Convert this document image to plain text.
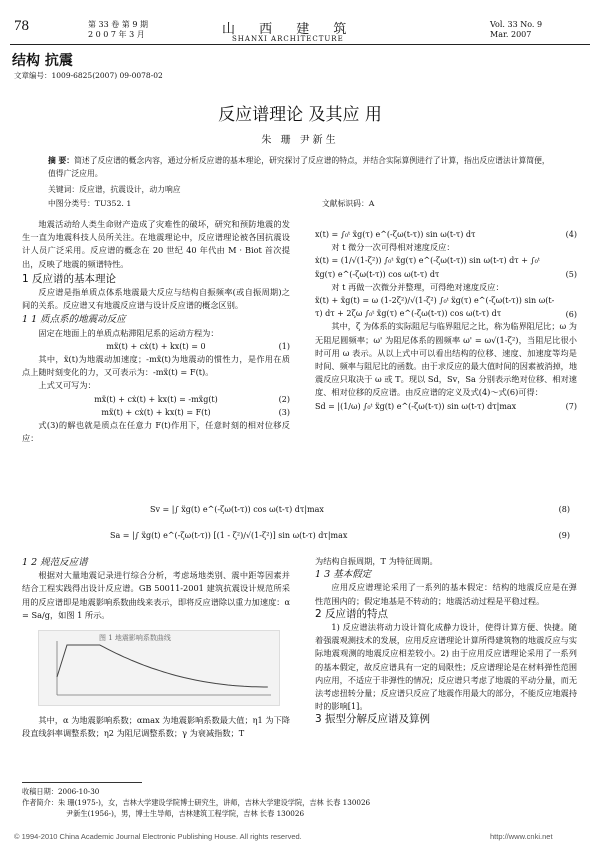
78	第 33 卷 第 9 期
2 0 0 7 年 3 月	山 西 建 筑
SHANXI ARCHITECTURE
Vol. 33 No. 9
Mar. 2007
结构 抗震
文章编号：1009-6825(2007) 09-0078-02
反应谱理论 及其应 用
朱 珊 尹新生
摘 要：简述了反应谱的概念内容，通过分析反应谱的基本理论，研究探讨了反应谱的特点，并结合实际算例进行了计算，指出反应谱法计算简便，值得广泛应用。
关键词：反应谱，抗震设计，动力响应
中图分类号：TU352. 1	文献标识码：A

地震活动给人类生命财产造成了灾难性的破坏，研究和预防地震的发生一直为地震科技人员所关注。在地震理论中，反应谱理论被各国抗震设计人员广泛采用。反应谱的概念在 20 世纪 40 年代由 M · Biot 首次提出，反映了地震的频谱特性。

1 反应谱的基本理论

反应谱是指单质点体系地震最大反应与结构自振频率(或自振周期)之间的关系。反应谱又有地震反应谱与设计反应谱的概念区别。

1 1 质点系的地震动反应

固定在地面上的单质点粘滞阻尼系的运动方程为：

mẍ(t) + cẋ(t) + kx(t) = 0	(1)

其中，ẍ(t)为地震动加速度；-mẍ(t)为地震动的惯性力，是作用在质点上随时刻变化的力，又可表示为：-mẍ(t) = F(t)。

上式又可写为：

mẍ(t) + cẋ(t) + kx(t) = -mẍg(t)	(2)
mẍ(t) + cẋ(t) + kx(t) = F(t)	(3)

式(3)的解也就是质点在任意力 F(t)作用下，任意时刻的相对位移反应：

Sv = |∫ ẍg(t) e^(-ζω(t-τ)) cos ω(t-τ) dτ|max	(8)
Sa = |∫ ẍg(t) e^(-ζω(t-τ)) [(1 - ζ²)/√(1-ζ²)] sin ω(t-τ) dτ|max	(9)
1 2 规范反应谱

根据对大量地震记录进行综合分析，考虑场地类别、震中距等因素并结合工程实践得出设计反应谱。GB 50011-2001 建筑抗震设计规范所采用的反应谱即是地震影响系数曲线来表示，即将反应谱除以重力加速度：α = Sa/g，如图 1 所示。

图 1 地震影响系数曲线

其中，α 为地震影响系数；αmax 为地震影响系数最大值；η1 为下降段直线斜率调整系数；η2 为阻尼调整系数；γ 为衰减指数；T

x(t) = ∫₀ᵗ ẍg(τ) e^(-ζω(t-τ)) sin ω(t-τ) dτ	(4)

对 t 微分一次可得相对速度反应：

ẋ(t) = (1/√(1-ζ²)) ∫₀ᵗ ẍg(τ) e^(-ζω(t-τ)) sin ω(t-τ) dτ + ∫₀ᵗ ẍg(τ) e^(-ζω(t-τ)) cos ω(t-τ) dτ	(5)

对 t 再做一次微分并整理，可得绝对速度反应：

ẍ(t) + ẍg(t) = ω (1-2ζ²)/√(1-ζ²) ∫₀ᵗ ẍg(τ) e^(-ζω(t-τ)) sin ω(t-τ) dτ + 2ζω ∫₀ᵗ ẍg(τ) e^(-ζω(t-τ)) cos ω(t-τ) dτ	(6)

其中，ζ 为体系的实际阻尼与临界阻尼之比，称为临界阻尼比；ω 为无阻尼圆频率；ω' 为阻尼体系的圆频率 ω' = ω√(1-ζ²)，当阻尼比很小时可用 ω 表示。从以上式中可以看出结构的位移、速度、加速度等均是时间、频率与阻尼比的函数。由于求反应的最大值时间的因素被消掉，地震反应只取决于 ω 或 T。现以 Sd，Sv，Sa 分别表示绝对位移、相对速度、相对位移的反应谱。由反应谱的定义及式(4)～式(6)可得：

Sd = |(1/ω) ∫₀ᵗ ẍg(t) e^(-ζω(t-τ)) sin ω(t-τ) dτ|max	(7)

为结构自振周期，T 为特征周期。

1 3 基本假定

应用反应谱理论采用了一系列的基本假定：结构的地震反应是在弹性范围内的；假定地基是不转动的；地震活动过程是平稳过程。

2 反应谱的特点

1) 反应谱法将动力设计简化成静力设计，使得计算方便、快捷。随着强震观测技术的发展，应用反应谱理论计算所得建筑物的地震反应与实际地震观测的地震反应相差较小。2) 由于应用反应谱理论采用了一系列的基本假定，故反应谱具有一定的局限性；反应谱理论是在材料弹性范围内应用，不适应于非弹性的情况；反应谱只考虑了地震的平动分量，而无法考虑扭转分量；反应谱只反应了地震作用最大的部分，不能反应地震持时的影响[1]。

3 振型分解反应谱及算例
收稿日期：2006-10-30
作者简介：朱 珊(1975-)，女，吉林大学建设学院博士研究生，讲师，吉林大学建设学院，吉林 长春 130026
尹新生(1956-)，男，博士生导师，吉林建筑工程学院，吉林 长春 130026
© 1994-2010 China Academic Journal Electronic Publishing House. All rights reserved.	http://www.cnki.net
